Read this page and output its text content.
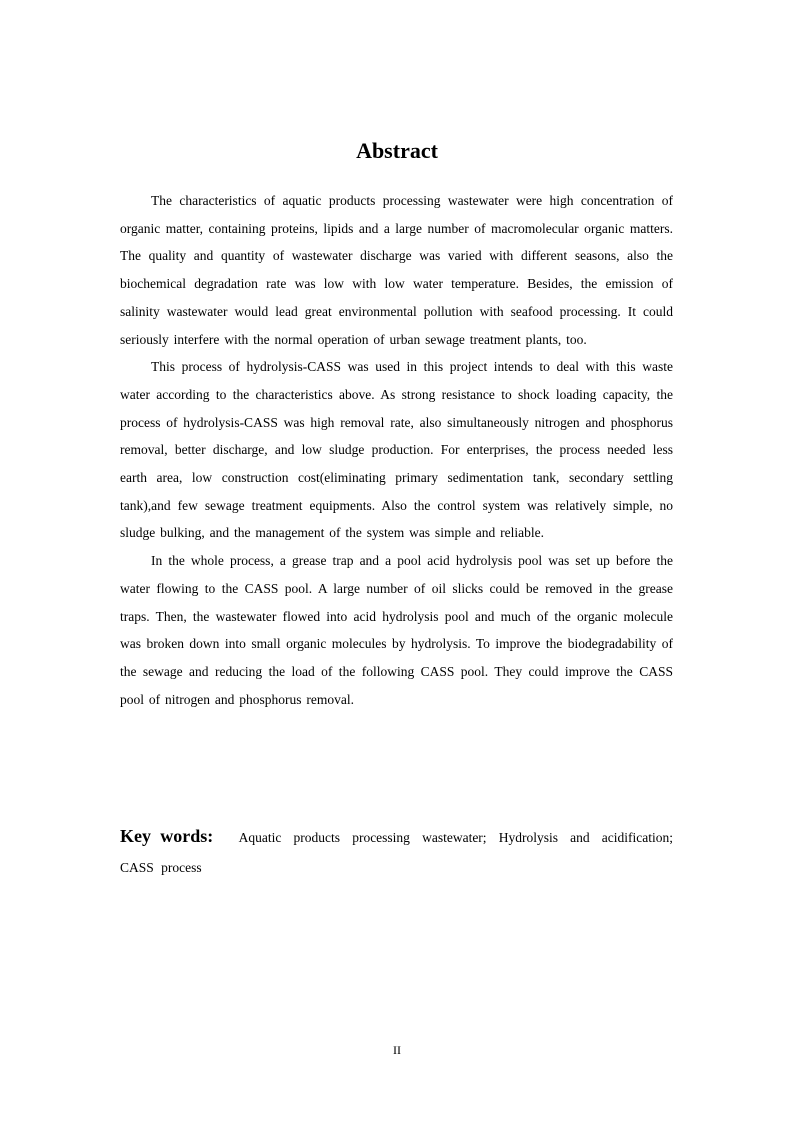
Abstract

The characteristics of aquatic products processing wastewater were high concentration of organic matter, containing proteins, lipids and a large number of macromolecular organic matters. The quality and quantity of wastewater discharge was varied with different seasons, also the biochemical degradation rate was low with low water temperature. Besides, the emission of salinity wastewater would lead great environmental pollution with seafood processing. It could seriously interfere with the normal operation of urban sewage treatment plants, too.

This process of hydrolysis-CASS was used in this project intends to deal with this waste water according to the characteristics above. As strong resistance to shock loading capacity, the process of hydrolysis-CASS was high removal rate, also simultaneously nitrogen and phosphorus removal, better discharge, and low sludge production. For enterprises, the process needed less earth area, low construction cost(eliminating primary sedimentation tank, secondary settling tank),and few sewage treatment equipments. Also the control system was relatively simple, no sludge bulking, and the management of the system was simple and reliable.

In the whole process, a grease trap and a pool acid hydrolysis pool was set up before the water flowing to the CASS pool. A large number of oil slicks could be removed in the grease traps. Then, the wastewater flowed into acid hydrolysis pool and much of the organic molecule was broken down into small organic molecules by hydrolysis. To improve the biodegradability of the sewage and reducing the load of the following CASS pool. They could improve the CASS pool of nitrogen and phosphorus removal.

Key words: Aquatic products processing wastewater; Hydrolysis and acidification; CASS process
II
